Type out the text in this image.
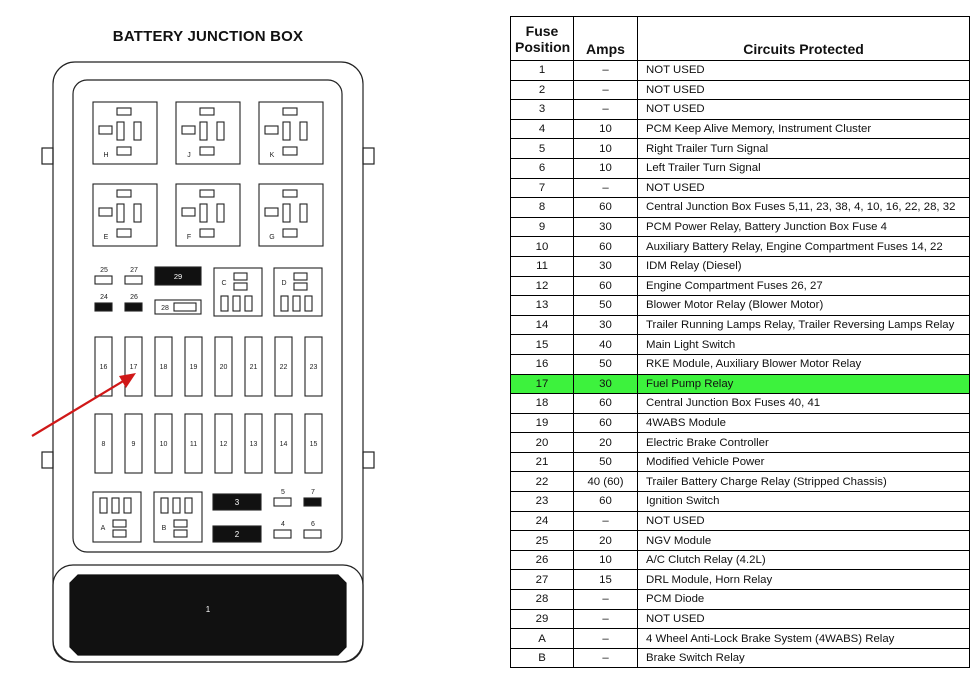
BATTERY JUNCTION BOX
H	J	K
E	F	G
25	27
24	26
28
29
C	D
16	17	18	19	20	21	22	23
8	9	10	11	12	13	14	15
A	B
3
2
5	7
4	6
1
Fuse
Position	Amps	Circuits Protected
1	–	NOT USED
2	–	NOT USED
3	–	NOT USED
4	10	PCM Keep Alive Memory, Instrument Cluster
5	10	Right Trailer Turn Signal
6	10	Left Trailer Turn Signal
7	–	NOT USED
8	60	Central Junction Box Fuses 5,11, 23, 38, 4, 10, 16, 22, 28, 32
9	30	PCM Power Relay, Battery Junction Box Fuse 4
10	60	Auxiliary Battery Relay, Engine Compartment Fuses 14, 22
11	30	IDM Relay (Diesel)
12	60	Engine Compartment Fuses 26, 27
13	50	Blower Motor Relay (Blower Motor)
14	30	Trailer Running Lamps Relay, Trailer Reversing Lamps Relay
15	40	Main Light Switch
16	50	RKE Module, Auxiliary Blower Motor Relay
17	30	Fuel Pump Relay
18	60	Central Junction Box Fuses 40, 41
19	60	4WABS Module
20	20	Electric Brake Controller
21	50	Modified Vehicle Power
22	40 (60)	Trailer Battery Charge Relay (Stripped Chassis)
23	60	Ignition Switch
24	–	NOT USED
25	20	NGV Module
26	10	A/C Clutch Relay (4.2L)
27	15	DRL Module, Horn Relay
28	–	PCM Diode
29	–	NOT USED
A	–	4 Wheel Anti-Lock Brake System (4WABS) Relay
B	–	Brake Switch Relay
